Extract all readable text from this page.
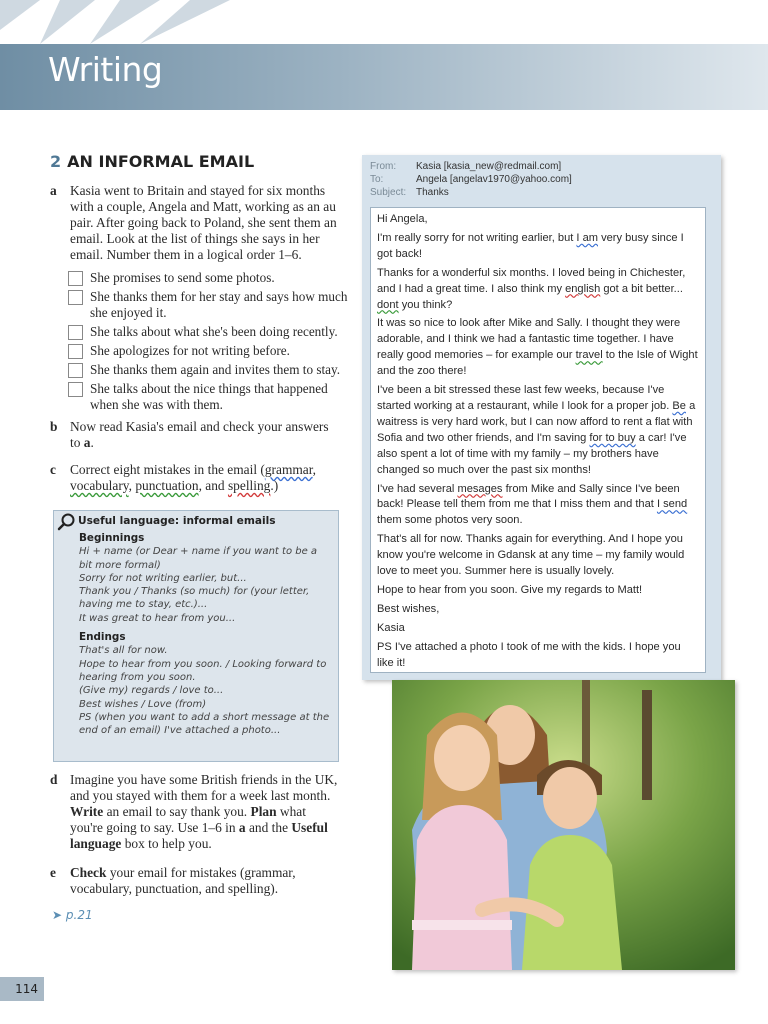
Writing
2 AN INFORMAL EMAIL
a Kasia went to Britain and stayed for six months with a couple, Angela and Matt, working as an au pair. After going back to Poland, she sent them an email. Look at the list of things she says in her email. Number them in a logical order 1–6.
She promises to send some photos.
She thanks them for her stay and says how much she enjoyed it.
She talks about what she's been doing recently.
She apologizes for not writing before.
She thanks them again and invites them to stay.
She talks about the nice things that happened when she was with them.
b Now read Kasia's email and check your answers to a.
c Correct eight mistakes in the email (grammar, vocabulary, punctuation, and spelling.)
Useful language: informal emails
Beginnings
Hi + name (or Dear + name if you want to be a bit more formal)
Sorry for not writing earlier, but...
Thank you / Thanks (so much) for (your letter, having me to stay, etc.)...
It was great to hear from you...
Endings
That's all for now.
Hope to hear from you soon. / Looking forward to hearing from you soon.
(Give my) regards / love to...
Best wishes / Love (from)
PS (when you want to add a short message at the end of an email) I've attached a photo...
d Imagine you have some British friends in the UK, and you stayed with them for a week last month. Write an email to say thank you. Plan what you're going to say. Use 1–6 in a and the Useful language box to help you.
e Check your email for mistakes (grammar, vocabulary, punctuation, and spelling).
➤ p.21
From: Kasia [kasia_new@redmail.com]
To:	Angela [angelav1970@yahoo.com]
Subject: Thanks

Hi Angela,

I'm really sorry for not writing earlier, but I am very busy since I got back!

Thanks for a wonderful six months. I loved being in Chichester, and I had a great time. I also think my english got a bit better... dont you think?

It was so nice to look after Mike and Sally. I thought they were adorable, and I think we had a fantastic time together. I have really good memories – for example our travel to the Isle of Wight and the zoo there!

I've been a bit stressed these last few weeks, because I've started working at a restaurant, while I look for a proper job. Be a waitress is very hard work, but I can now afford to rent a flat with Sofia and two other friends, and I'm saving for to buy a car! I've also spent a lot of time with my family – my brothers have changed so much over the past six months!

I've had several mesages from Mike and Sally since I've been back! Please tell them from me that I miss them and that I send them some photos very soon.

That's all for now. Thanks again for everything. And I hope you know you're welcome in Gdansk at any time – my family would love to meet you. Summer here is usually lovely.

Hope to hear from you soon. Give my regards to Matt!

Best wishes,

Kasia

PS I've attached a photo I took of me with the kids. I hope you like it!

114
